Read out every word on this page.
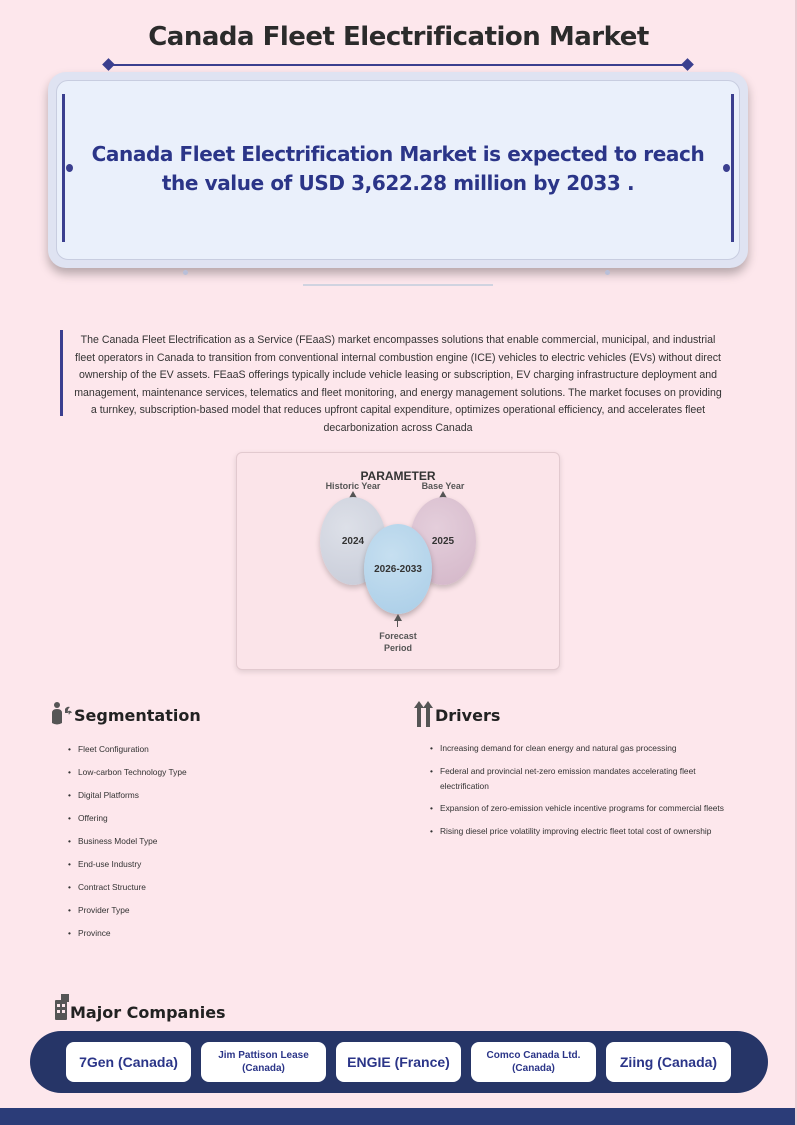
Canada Fleet Electrification Market
Canada Fleet Electrification Market is expected to reach the value of USD 3,622.28 million by 2033 .
The Canada Fleet Electrification as a Service (FEaaS) market encompasses solutions that enable commercial, municipal, and industrial fleet operators in Canada to transition from conventional internal combustion engine (ICE) vehicles to electric vehicles (EVs) without direct ownership of the EV assets. FEaaS offerings typically include vehicle leasing or subscription, EV charging infrastructure deployment and management, maintenance services, telematics and fleet monitoring, and energy management solutions. The market focuses on providing a turnkey, subscription-based model that reduces upfront capital expenditure, optimizes operational efficiency, and accelerates fleet decarbonization across Canada
PARAMETER
Historic Year	Base Year
2024	2025
2026-2033
Forecast Period
Segmentation
• Fleet Configuration
• Low-carbon Technology Type
• Digital Platforms
• Offering
• Business Model Type
• End-use Industry
• Contract Structure
• Provider Type
• Province
Drivers
• Increasing demand for clean energy and natural gas processing
• Federal and provincial net-zero emission mandates accelerating fleet electrification
• Expansion of zero-emission vehicle incentive programs for commercial fleets
• Rising diesel price volatility improving electric fleet total cost of ownership
Major Companies
7Gen (Canada)	Jim Pattison Lease (Canada)	ENGIE (France)	Comco Canada Ltd. (Canada)	Ziing (Canada)
